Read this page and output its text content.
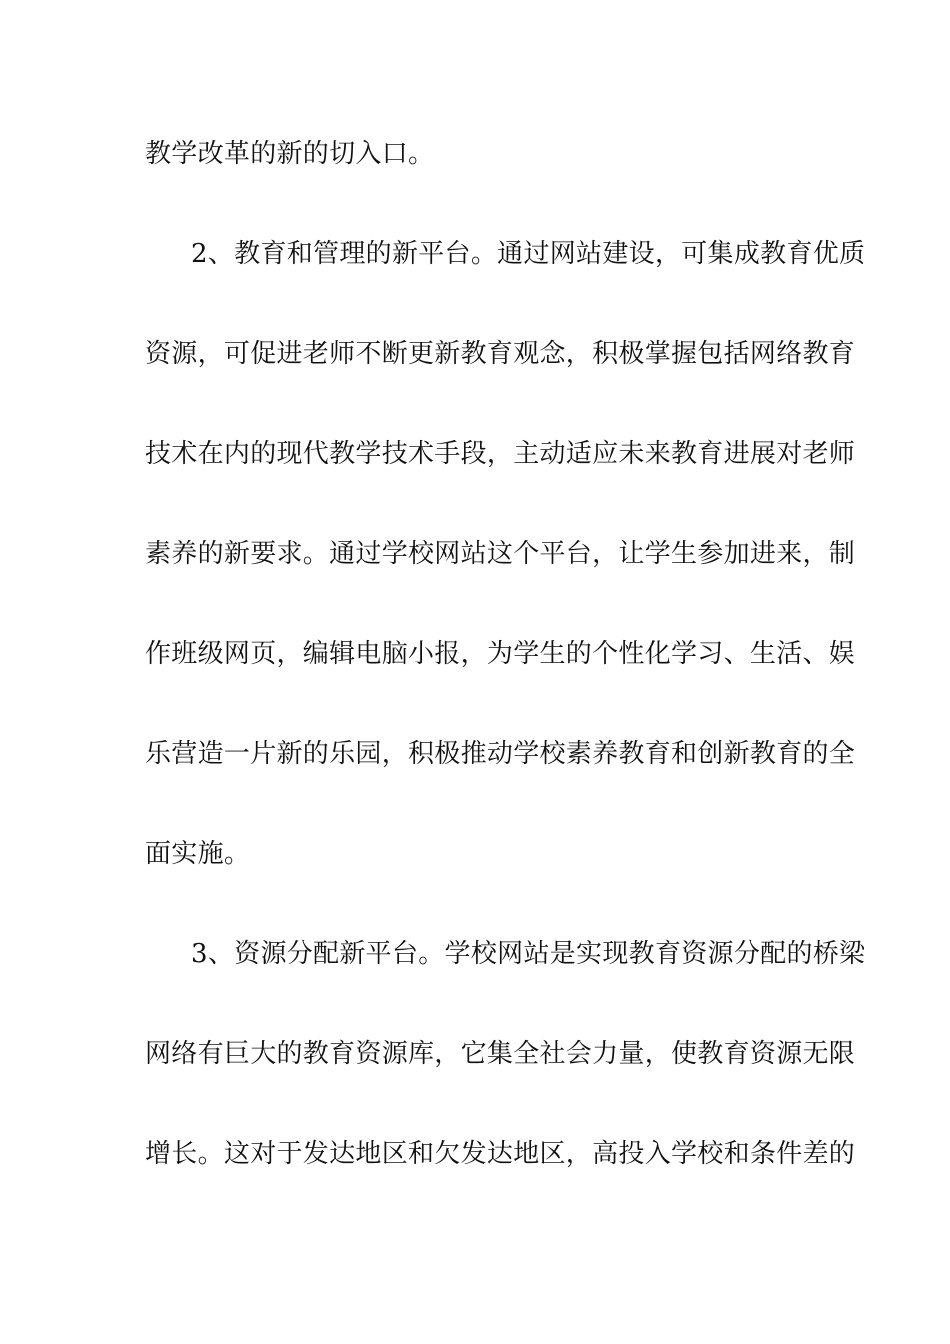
教学改革的新的切入口。
2、教育和管理的新平台。通过网站建设，可集成教育优质
资源，可促进老师不断更新教育观念，积极掌握包括网络教育
技术在内的现代教学技术手段，主动适应未来教育进展对老师
素养的新要求。通过学校网站这个平台，让学生参加进来，制
作班级网页，编辑电脑小报，为学生的个性化学习、生活、娱
乐营造一片新的乐园，积极推动学校素养教育和创新教育的全
面实施。
3、资源分配新平台。学校网站是实现教育资源分配的桥梁
网络有巨大的教育资源库，它集全社会力量，使教育资源无限
增长。这对于发达地区和欠发达地区，高投入学校和条件差的
